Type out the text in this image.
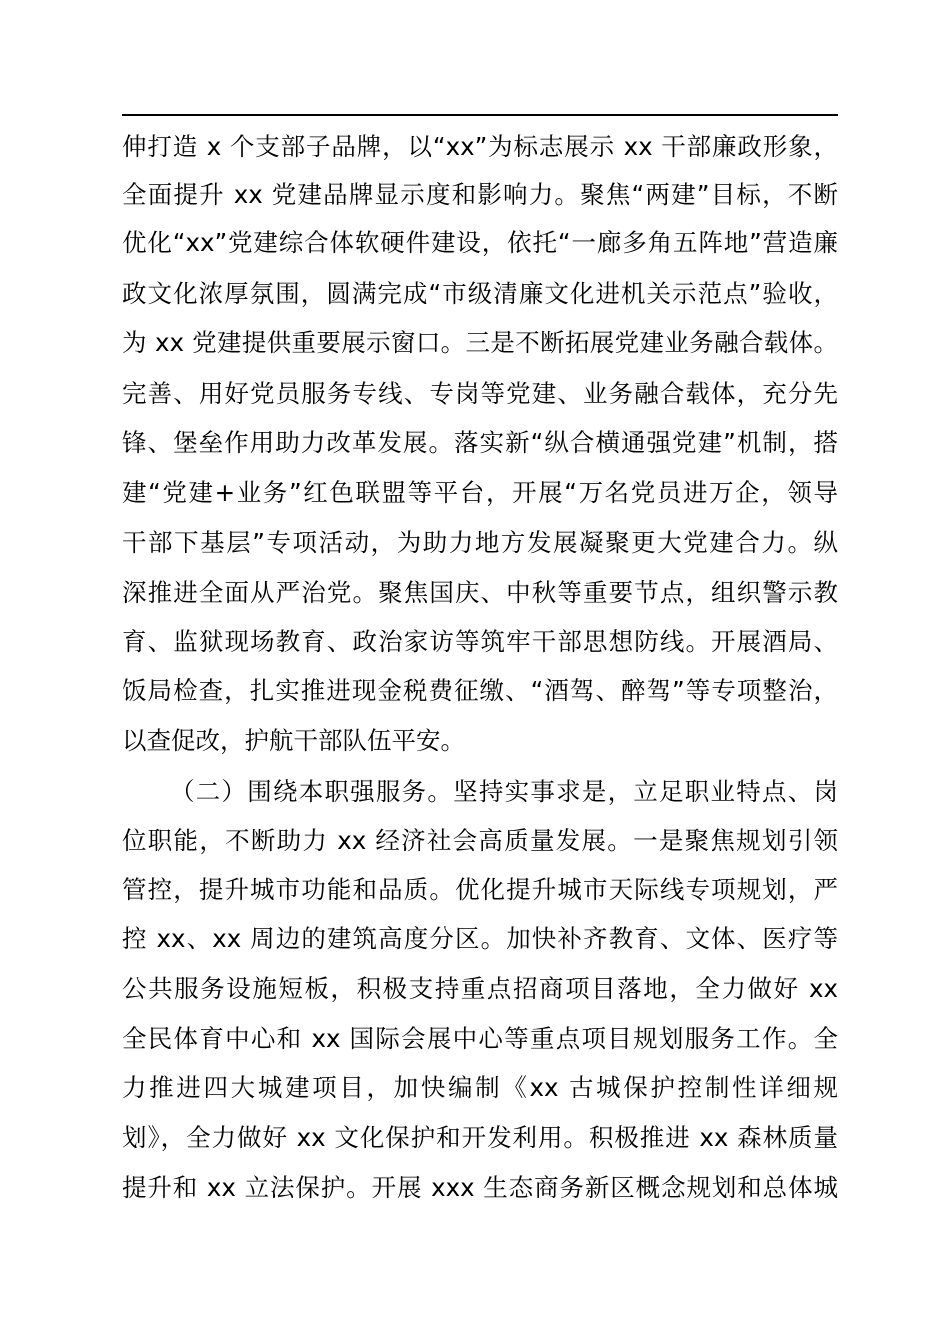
伸打造 x 个支部子品牌，以“xx”为标志展示 xx 干部廉政形象，
全面提升 xx 党建品牌显示度和影响力。聚焦“两建”目标，不断
优化“xx”党建综合体软硬件建设，依托“一廊多角五阵地”营造廉
政文化浓厚氛围，圆满完成“市级清廉文化进机关示范点”验收，
为 xx 党建提供重要展示窗口。三是不断拓展党建业务融合载体。
完善、用好党员服务专线、专岗等党建、业务融合载体，充分先
锋、堡垒作用助力改革发展。落实新“纵合横通强党建”机制，搭
建“党建+业务”红色联盟等平台，开展“万名党员进万企，领导
干部下基层”专项活动，为助力地方发展凝聚更大党建合力。纵
深推进全面从严治党。聚焦国庆、中秋等重要节点，组织警示教
育、监狱现场教育、政治家访等筑牢干部思想防线。开展酒局、
饭局检查，扎实推进现金税费征缴、“酒驾、醉驾”等专项整治，
以查促改，护航干部队伍平安。
（二）围绕本职强服务。坚持实事求是，立足职业特点、岗
位职能，不断助力 xx 经济社会高质量发展。一是聚焦规划引领
管控，提升城市功能和品质。优化提升城市天际线专项规划，严
控 xx、xx 周边的建筑高度分区。加快补齐教育、文体、医疗等
公共服务设施短板，积极支持重点招商项目落地，全力做好 xx
全民体育中心和 xx 国际会展中心等重点项目规划服务工作。全
力推进四大城建项目，加快编制《xx 古城保护控制性详细规
划》，全力做好 xx 文化保护和开发利用。积极推进 xx 森林质量
提升和 xx 立法保护。开展 xxx 生态商务新区概念规划和总体城
